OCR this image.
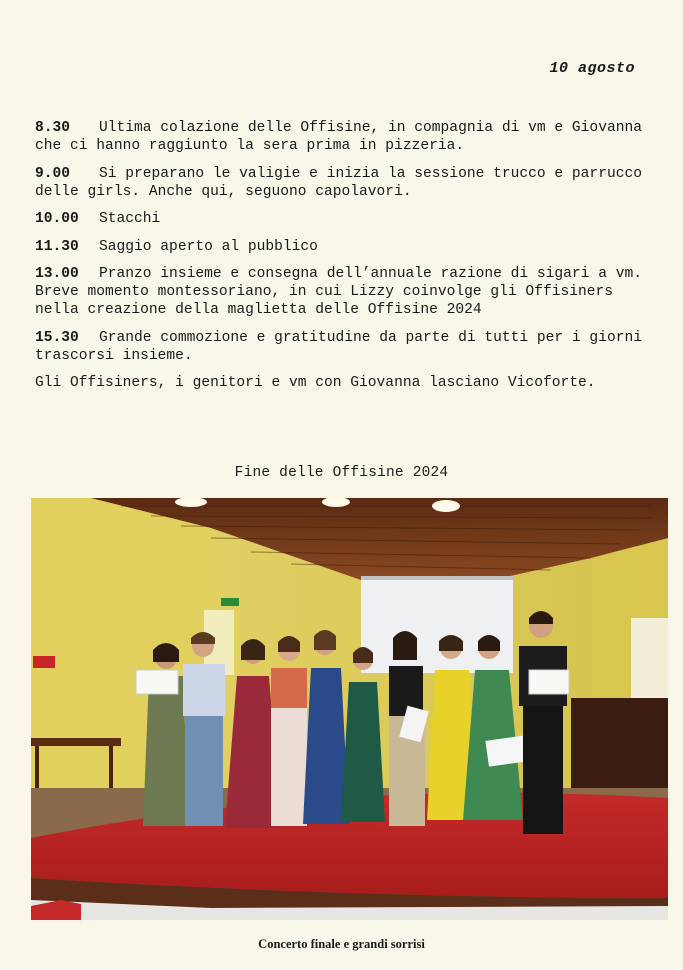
10 agosto

8.30 Ultima colazione delle Offisine, in compagnia di vm e Giovanna che ci hanno raggiunto la sera prima in pizzeria.

9.00 Si preparano le valigie e inizia la sessione trucco e parrucco delle girls. Anche qui, seguono capolavori.

10.00 Stacchi

11.30 Saggio aperto al pubblico

13.00 Pranzo insieme e consegna dell’annuale razione di sigari a vm. Breve momento montessoriano, in cui Lizzy coinvolge gli Offisiners nella creazione della maglietta delle Offisine 2024

15.30 Grande commozione e gratitudine da parte di tutti per i giorni trascorsi insieme.

Gli Offisiners, i genitori e vm con Giovanna lasciano Vicoforte.

Fine delle Offisine 2024
Concerto finale e grandi sorrisi
